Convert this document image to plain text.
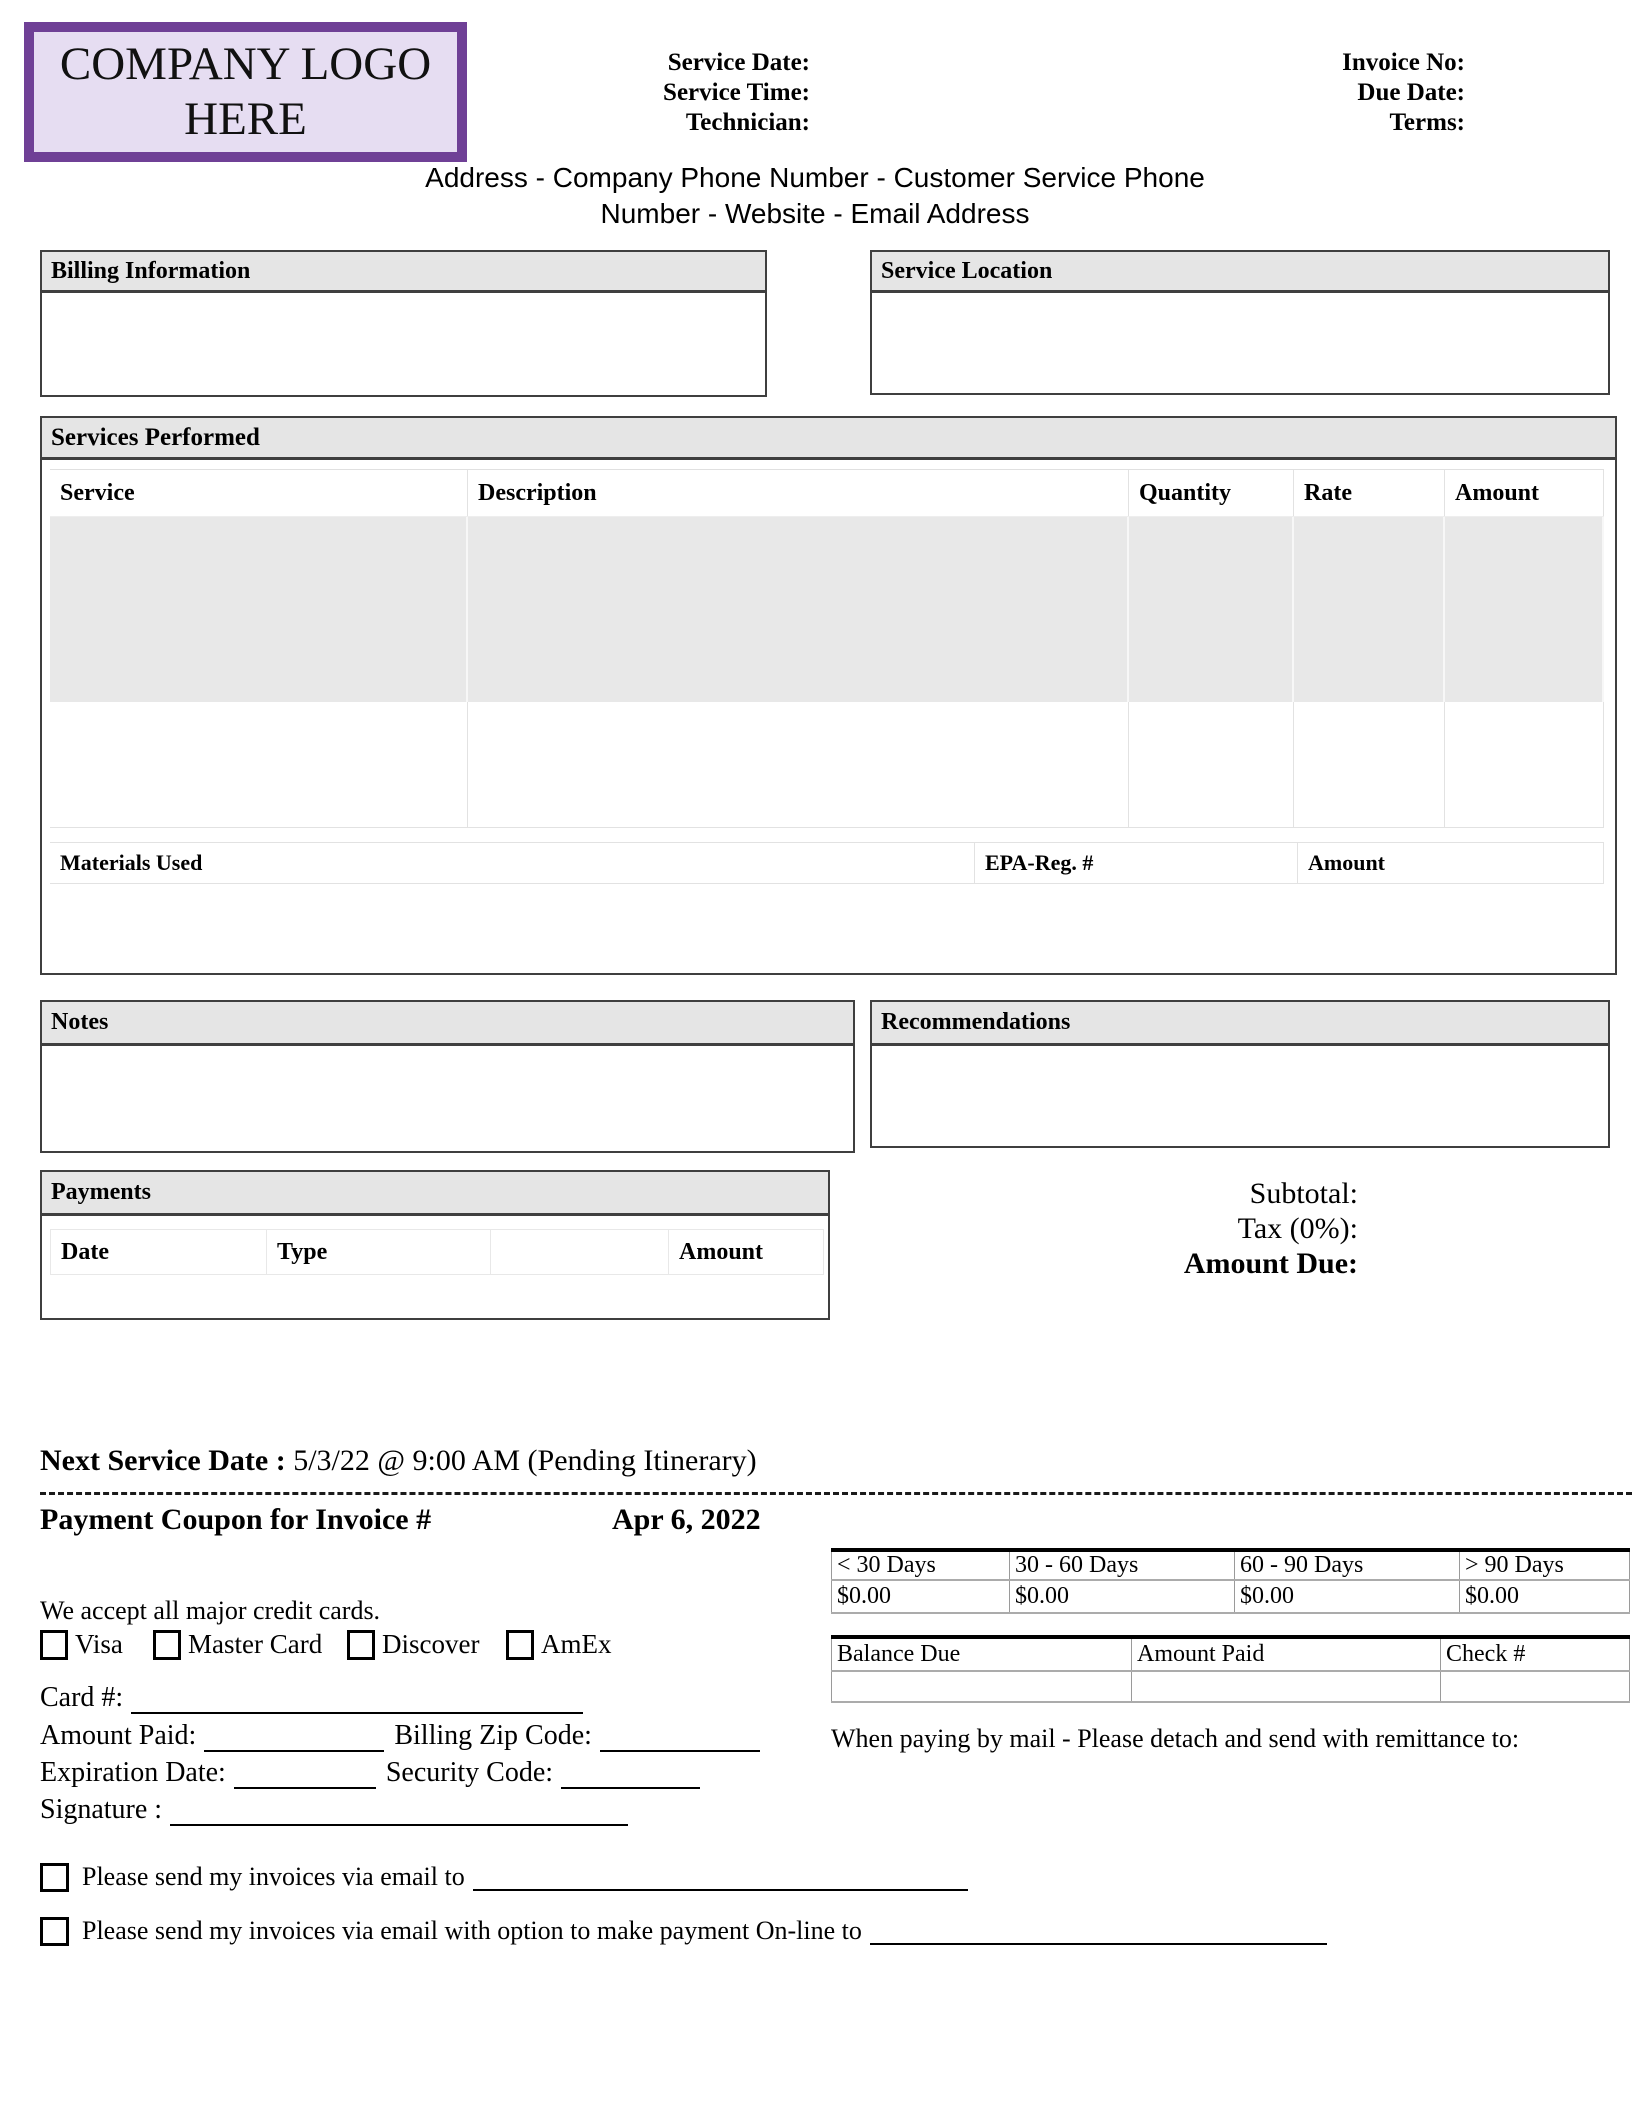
COMPANY LOGO
HERE
Service Date:
Service Time:
Technician:
Invoice No:
Due Date:
Terms:
Address - Company Phone Number - Customer Service Phone
Number - Website - Email Address
Billing Information	Service Location
Services Performed
Service	Description	Quantity	Rate	Amount
Materials Used	EPA-Reg. #	Amount
Notes	Recommendations
Payments
Date	Type	Amount
Subtotal:
Tax (0%):
Amount Due:
Next Service Date : 5/3/22 @ 9:00 AM (Pending Itinerary)
Payment Coupon for Invoice #	Apr 6, 2022
< 30 Days	30 - 60 Days	60 - 90 Days	> 90 Days
$0.00	$0.00	$0.00	$0.00
We accept all major credit cards.
Visa Master Card Discover AmEx
Card #:
Amount Paid:	Billing Zip Code:
Expiration Date:	Security Code:
Signature :
Balance Due	Amount Paid	Check #
When paying by mail - Please detach and send with remittance to:
Please send my invoices via email to
Please send my invoices via email with option to make payment On-line to
